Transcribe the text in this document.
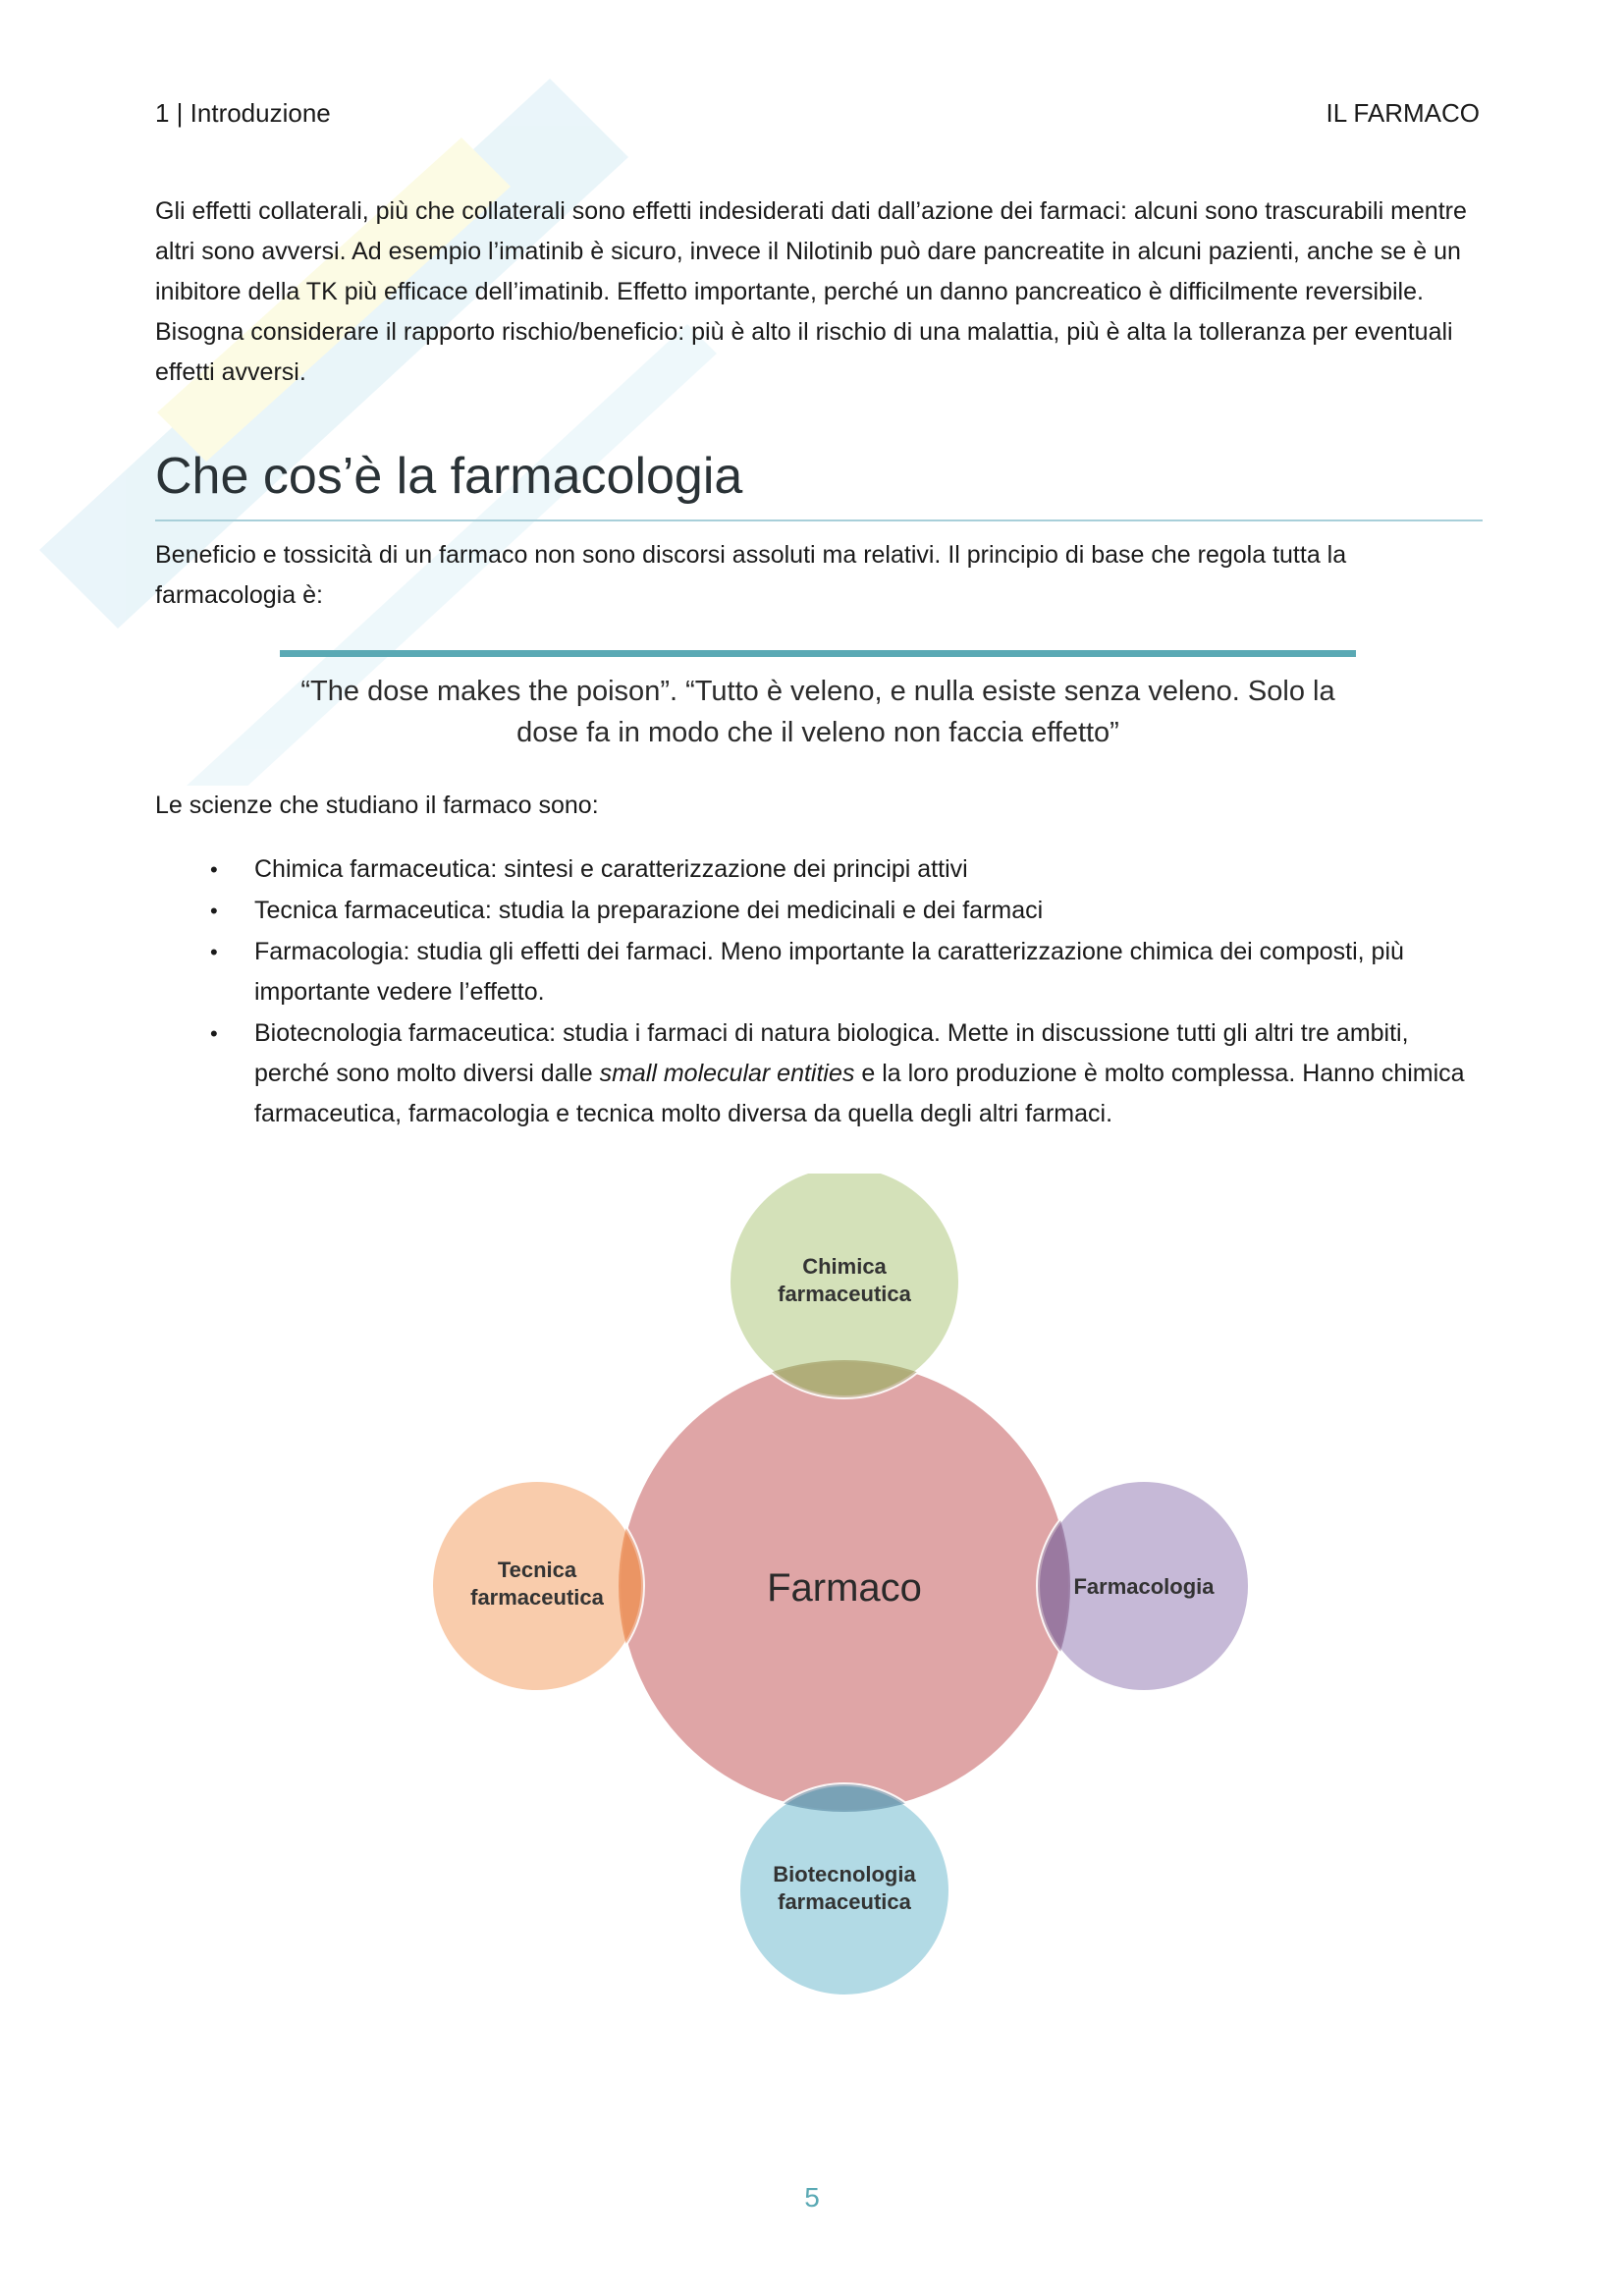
1 | Introduzione	IL FARMACO
Gli effetti collaterali, più che collaterali sono effetti indesiderati dati dall’azione dei farmaci: alcuni sono trascurabili mentre altri sono avversi. Ad esempio l’imatinib è sicuro, invece il Nilotinib può dare pancreatite in alcuni pazienti, anche se è un inibitore della TK più efficace dell’imatinib. Effetto importante, perché un danno pancreatico è difficilmente reversibile. Bisogna considerare il rapporto rischio/beneficio: più è alto il rischio di una malattia, più è alta la tolleranza per eventuali effetti avversi.
Che cos’è la farmacologia
Beneficio e tossicità di un farmaco non sono discorsi assoluti ma relativi. Il principio di base che regola tutta la farmacologia è:
“The dose makes the poison”. “Tutto è veleno, e nulla esiste senza veleno. Solo la dose fa in modo che il veleno non faccia effetto”
Le scienze che studiano il farmaco sono:
• Chimica farmaceutica: sintesi e caratterizzazione dei principi attivi
• Tecnica farmaceutica: studia la preparazione dei medicinali e dei farmaci
• Farmacologia: studia gli effetti dei farmaci. Meno importante la caratterizzazione chimica dei composti, più importante vedere l’effetto.
• Biotecnologia farmaceutica: studia i farmaci di natura biologica. Mette in discussione tutti gli altri tre ambiti, perché sono molto diversi dalle small molecular entities e la loro produzione è molto complessa. Hanno chimica farmaceutica, farmacologia e tecnica molto diversa da quella degli altri farmaci.
Farmaco
Chimica
farmaceutica
Tecnica
farmaceutica	Farmacologia
Biotecnologia
farmaceutica
5
